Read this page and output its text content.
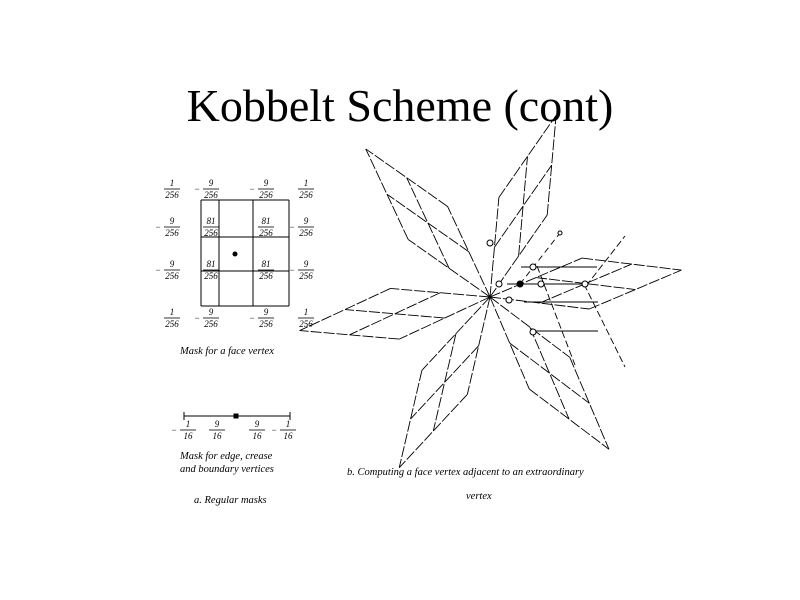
Kobbelt Scheme (cont)
1
256
−
9
256
−
9
256
1
256
−
9
256
81
256
81
256
−
9
256
−
9
256
81
256
81
256
−
9
256
1
256
−
9
256
−
9
256
1
256
Mask for a face vertex
−
1
16
9
16
9
16
−
1
16
Mask for edge, crease
and boundary vertices
a. Regular masks
b. Computing a face vertex adjacent to an extraordinary
vertex
